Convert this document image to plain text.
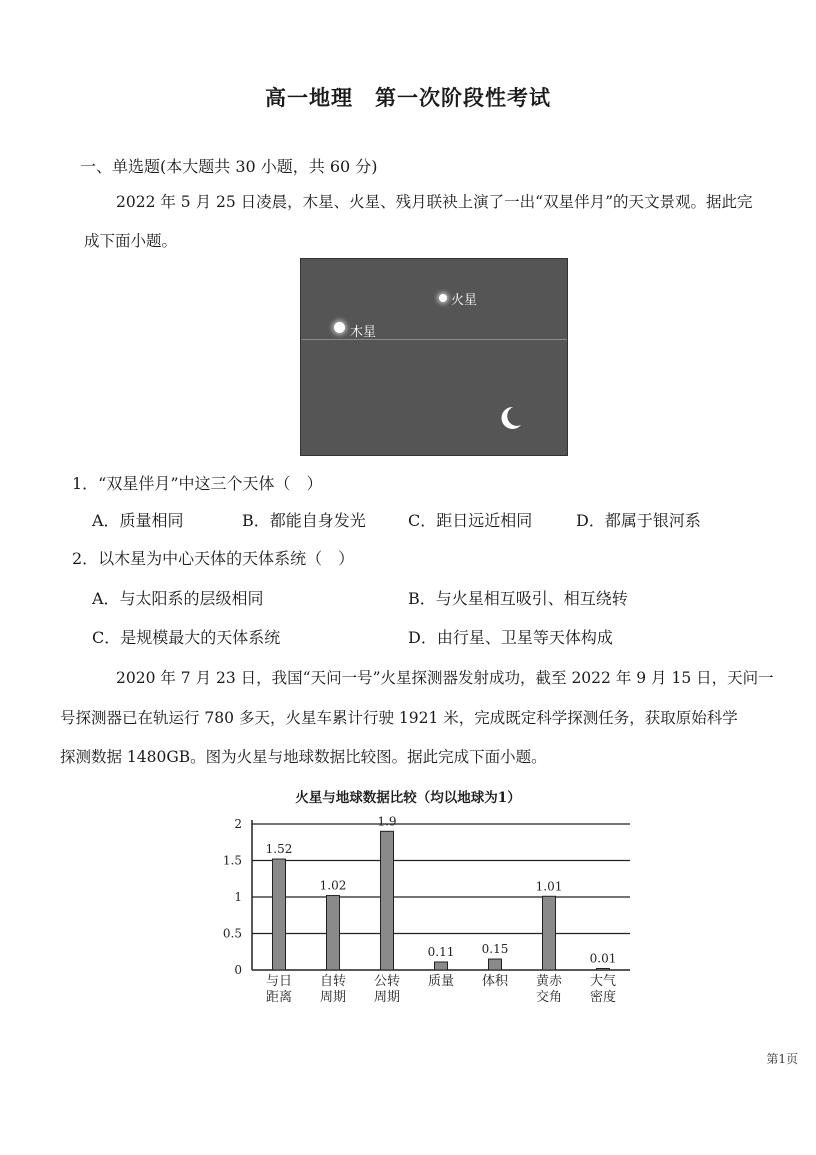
高一地理　第一次阶段性考试
一、单选题(本大题共 30 小题，共 60 分)
2022 年 5 月 25 日凌晨，木星、火星、残月联袂上演了一出“双星伴月”的天文景观。据此完
成下面小题。
火星
木星
1．“双星伴月”中这三个天体（　）
A．质量相同	B．都能自身发光	C．距日远近相同	D．都属于银河系
2．以木星为中心天体的天体系统（　）
A．与太阳系的层级相同	B．与火星相互吸引、相互绕转
C．是规模最大的天体系统	D．由行星、卫星等天体构成
2020 年 7 月 23 日，我国“天问一号”火星探测器发射成功，截至 2022 年 9 月 15 日，天问一
号探测器已在轨运行 780 多天，火星车累计行驶 1921 米，完成既定科学探测任务，获取原始科学
探测数据 1480GB。图为火星与地球数据比较图。据此完成下面小题。
火星与地球数据比较（均以地球为1）
0
0.5
1
1.5
2
1.52
与日
距离
1.02
自转
周期
1.9
公转
周期
0.11
质量
0.15
体积
1.01
黄赤
交角
0.01
大气
密度
第1页
